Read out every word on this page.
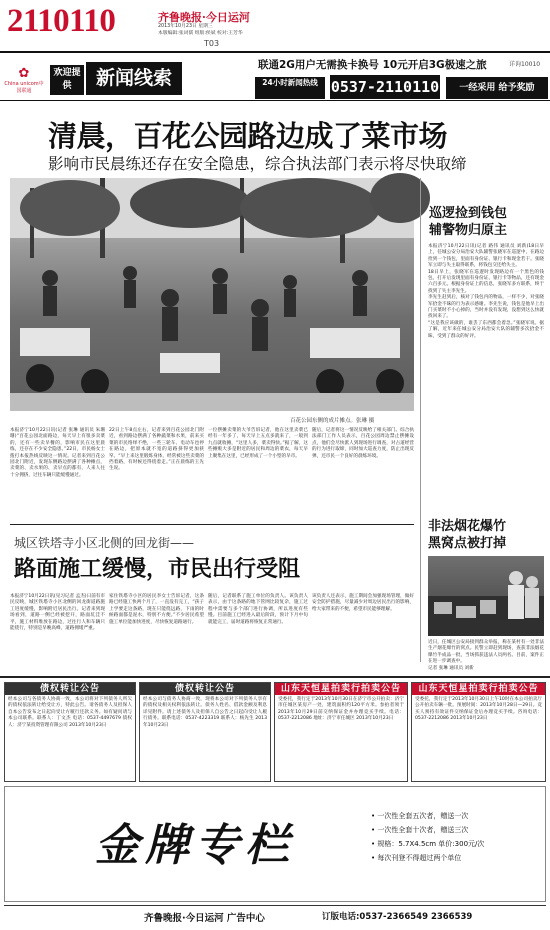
2110110	齐鲁晚报·今日运河
2013年10月23日 星期三
本版编辑:张词儒 组版:侯斌 校对:王芳华
T03
✿
China unicom中国联通
欢迎提供	新闻线索
联通2G用户无需换卡换号 10元开启3G极速之旅	详询10010
24小时新闻热线 0537-2110110	一经采用 给予奖励
清晨，百花公园路边成了菜市场
影响市民晨练还存在安全隐患，综合执法部门表示将尽快取缔
百花公园东侧的成片摊点。张琳 摄

本报济宁10月22日讯(记者 张琳 通讯员 朱珊珊)“百花公园北面路边，每天早上有很多卖菜的，还有一些卖早餐的，影响市民在这里晨练，还存在不少安全隐患。”22日，市民杨女士拨打本报热线反映这一情况。记者来到百花公园北门附近，发现东侧路边摆满了各种摊点，卖菜的、卖水果的、卖早点的都有，人来人往十分拥挤，过往车辆只能缓慢通过。

22日上午8点左右，记者来到百花公园北门附近，看到路边摆满了各种蔬菜和水果，前来买菜的市民络绎不绝，一些三轮车、电动车也停在路边，把原本就不宽的道路挤得更加狭窄。“早上来这里锻炼身体，经常被这些卖菜的挡着路，有时候还得绕着走。”正在晨练的王先生说。

一位摆摊卖菜的大爷告诉记者，他在这里卖菜已经有一年多了，每天早上五点多就来了，一般到九点就收摊，“这里人多，菜卖得快。”据了解，这些摊贩大多是附近的居民和周边的菜农，每天早上聚集在这里，已经形成了一个小型的早市。

随后，记者将这一情况反映给了相关部门。综合执法部门工作人员表示，百花公园周边禁止摆摊设点，他们会尽快派人到现场进行调查，对占道经营的行为进行取缔，同时加大巡查力度，防止出现反弹，还市民一个良好的晨练环境。

巡逻捡到钱包
辅警物归原主

本报济宁10月22日讯(记者 路伟 通讯员 刘新)18日早上，任城公安分局治安大队辅警张晓军在巡逻中，在路边捡到一个钱包，里面有身份证、银行卡和现金若干。张晓军立即与失主取得联系，将钱包交还给失主。

18日早上，张晓军在巡逻时发现路边有一个黑色的钱包，打开后发现里面有身份证、银行卡等物品，还有现金六百多元。根据身份证上的信息，张晓军多方联系，终于找到了失主李先生。

李先生赶到后，核对了钱包内的物品，一样不少，对张晓军拾金不昧的行为表示感谢。李先生说，钱包是他早上出门买菜时不小心掉的，当时并没有发现，没想到这么快就找回来了。

“这是我应该做的，谁丢了东西都会着急。”张晓军说。据了解，近年来任城公安分局治安大队的辅警多次拾金不昧，受到了群众的好评。

非法烟花爆竹
黑窝点被打掉

近日，任城区公安局接到群众举报，称在某村有一处非法生产烟花爆竹的窝点。民警立即赶到现场，查获非法烟花爆竹半成品一批，当场抓获违法人员两名。目前，案件正在进一步调查中。

记者 张琳 通讯员 刘新

城区铁塔寺小区北侧的回龙街——
路面施工缓慢，市民出行受阻

本报济宁10月22日讯(见习记者 孟杰)日前有市民反映，城区铁塔寺小区北侧的回龙街道路施工进度缓慢，影响附近居民出行。记者来到现场看到，道路一侧已经被挖开，路面坑洼不平，施工材料堆放在路边，过往行人和车辆只能绕行，特别是早晚高峰，道路拥堵严重。

家住铁塔寺小区的居民李女士告诉记者，这条路已经施工快两个月了，一直没有完工，“孩子上学要走这条路，现在只能绕远路，下雨的时候路面都是泥水，特别不方便。”不少居民希望施工单位能加快进度，尽快恢复道路通行。

随后，记者联系了施工单位的负责人。该负责人表示，由于这条路的地下管网比较复杂，施工过程中需要与多个部门进行协调，所以进度有些慢。目前施工已经进入最后阶段，预计下月中旬就能完工，届时道路将恢复正常通行。

该负责人还表示，施工期间会加强现场管理，做好安全防护措施，尽量减少对周边居民出行的影响，给大家带来的不便，希望市民能够理解。

债权转让公告
经本公司与各债务人协商一致，本公司将对下列债务人所欠的债权依法转让给受让方，特此公告。请各债务人及担保人自本公告发布之日起向受让方履行还款义务。如有疑问请与本公司联系。联系人：丁文杰 电话：0537-4497679 债权人：济宁某投资管理有限公司 2013年10月23日
债权转让公告
经本公司与债务人协商一致，现将本公司对下列债务人享有的债权及相关权利依法转让。债务人姓名、借款金额及利息详见附件。请上述债务人及担保人自公告之日起向受让人履行债务。联系电话：0537-4223319 联系人：杨先生 2013年10月23日
山东天恒星拍卖行拍卖公告
受委托，我行定于2013年10月30日在济宁市公开拍卖：济宁市任城区某房产一处，建筑面积约120平方米。参拍者须于2013年10月29日前交纳保证金并办理竞买手续。电话：0537-2212086 地址：济宁市任城区 2013年10月23日
山东天恒星拍卖行拍卖公告
受委托，我行定于2013年10月30日上午10时在本公司拍卖厅公开拍卖车辆一批。预展时间：2013年10月28日—29日。竞买人须持有效证件交纳保证金后办理竞买手续。咨询电话：0537-2212086 2013年10月23日
金牌专栏
• 一次性全套五次者，赠送一次
• 一次性全套十次者，赠送三次
• 规格：5.7X4.5cm 单价:300元/次
• 每次刊登不得超过两个单位
齐鲁晚报·今日运河 广告中心	订版电话:0537-2366549 2366539
